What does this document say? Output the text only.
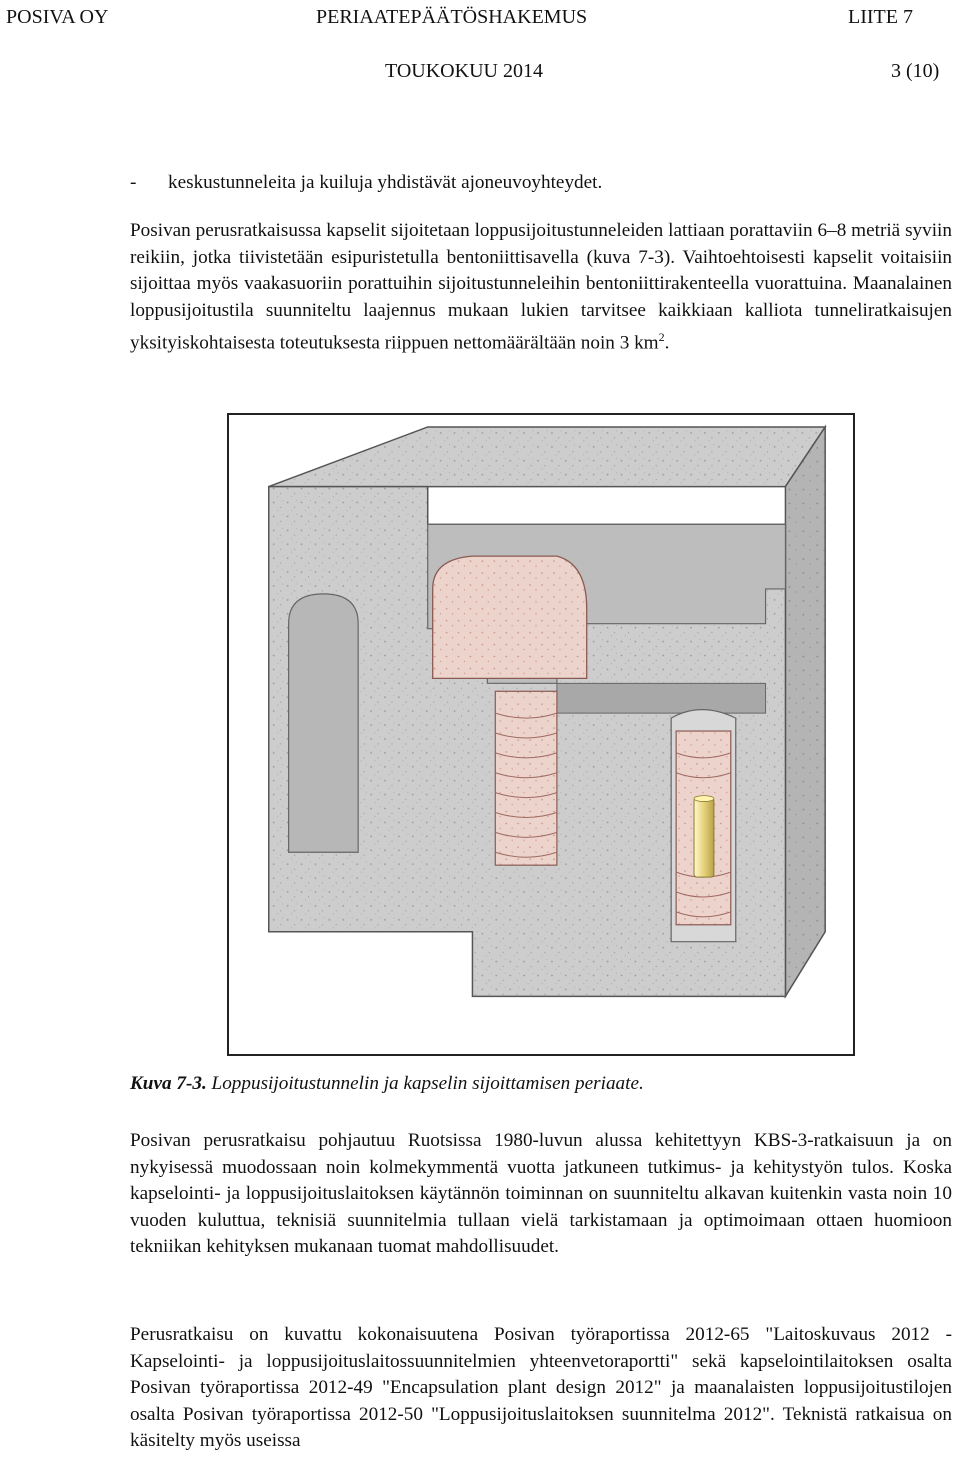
POSIVA OY	PERIAATEPÄÄTÖSHAKEMUS	LIITE 7
TOUKOKUU 2014	3 (10)
- keskustunneleita ja kuiluja yhdistävät ajoneuvoyhteydet.

Posivan perusratkaisussa kapselit sijoitetaan loppusijoitustunneleiden lattiaan porattaviin 6–8 metriä syviin reikiin, jotka tiivistetään esipuristetulla bentoniittisavella (kuva 7-3). Vaihtoehtoisesti kapselit voitaisiin sijoittaa myös vaakasuoriin porattuihin sijoitustunneleihin bentoniittirakenteella vuorattuina. Maanalainen loppusijoitustila suunniteltu laajennus mukaan lukien tarvitsee kaikkiaan kalliota tunneliratkaisujen yksityiskohtaisesta toteutuksesta riippuen nettomäärältään noin 3 $km^2$.

Kuva 7-3. Loppusijoitustunnelin ja kapselin sijoittamisen periaate.

Posivan perusratkaisu pohjautuu Ruotsissa 1980-luvun alussa kehitettyyn KBS-3-ratkaisuun ja on nykyisessä muodossaan noin kolmekymmentä vuotta jatkuneen tutkimus- ja kehitystyön tulos. Koska kapselointi- ja loppusijoituslaitoksen käytännön toiminnan on suunniteltu alkavan kuitenkin vasta noin 10 vuoden kuluttua, teknisiä suunnitelmia tullaan vielä tarkistamaan ja optimoimaan ottaen huomioon tekniikan kehityksen mukanaan tuomat mahdollisuudet.

Perusratkaisu on kuvattu kokonaisuutena Posivan työraportissa 2012-65 "Laitoskuvaus 2012 - Kapselointi- ja loppusijoituslaitossuunnitelmien yhteenvetoraportti" sekä kapselointilaitoksen osalta Posivan työraportissa 2012-49 "Encapsulation plant design 2012" ja maanalaisten loppusijoitustilojen osalta Posivan työraportissa 2012-50 "Loppusijoituslaitoksen suunnitelma 2012". Teknistä ratkaisua on käsitelty myös useissa
